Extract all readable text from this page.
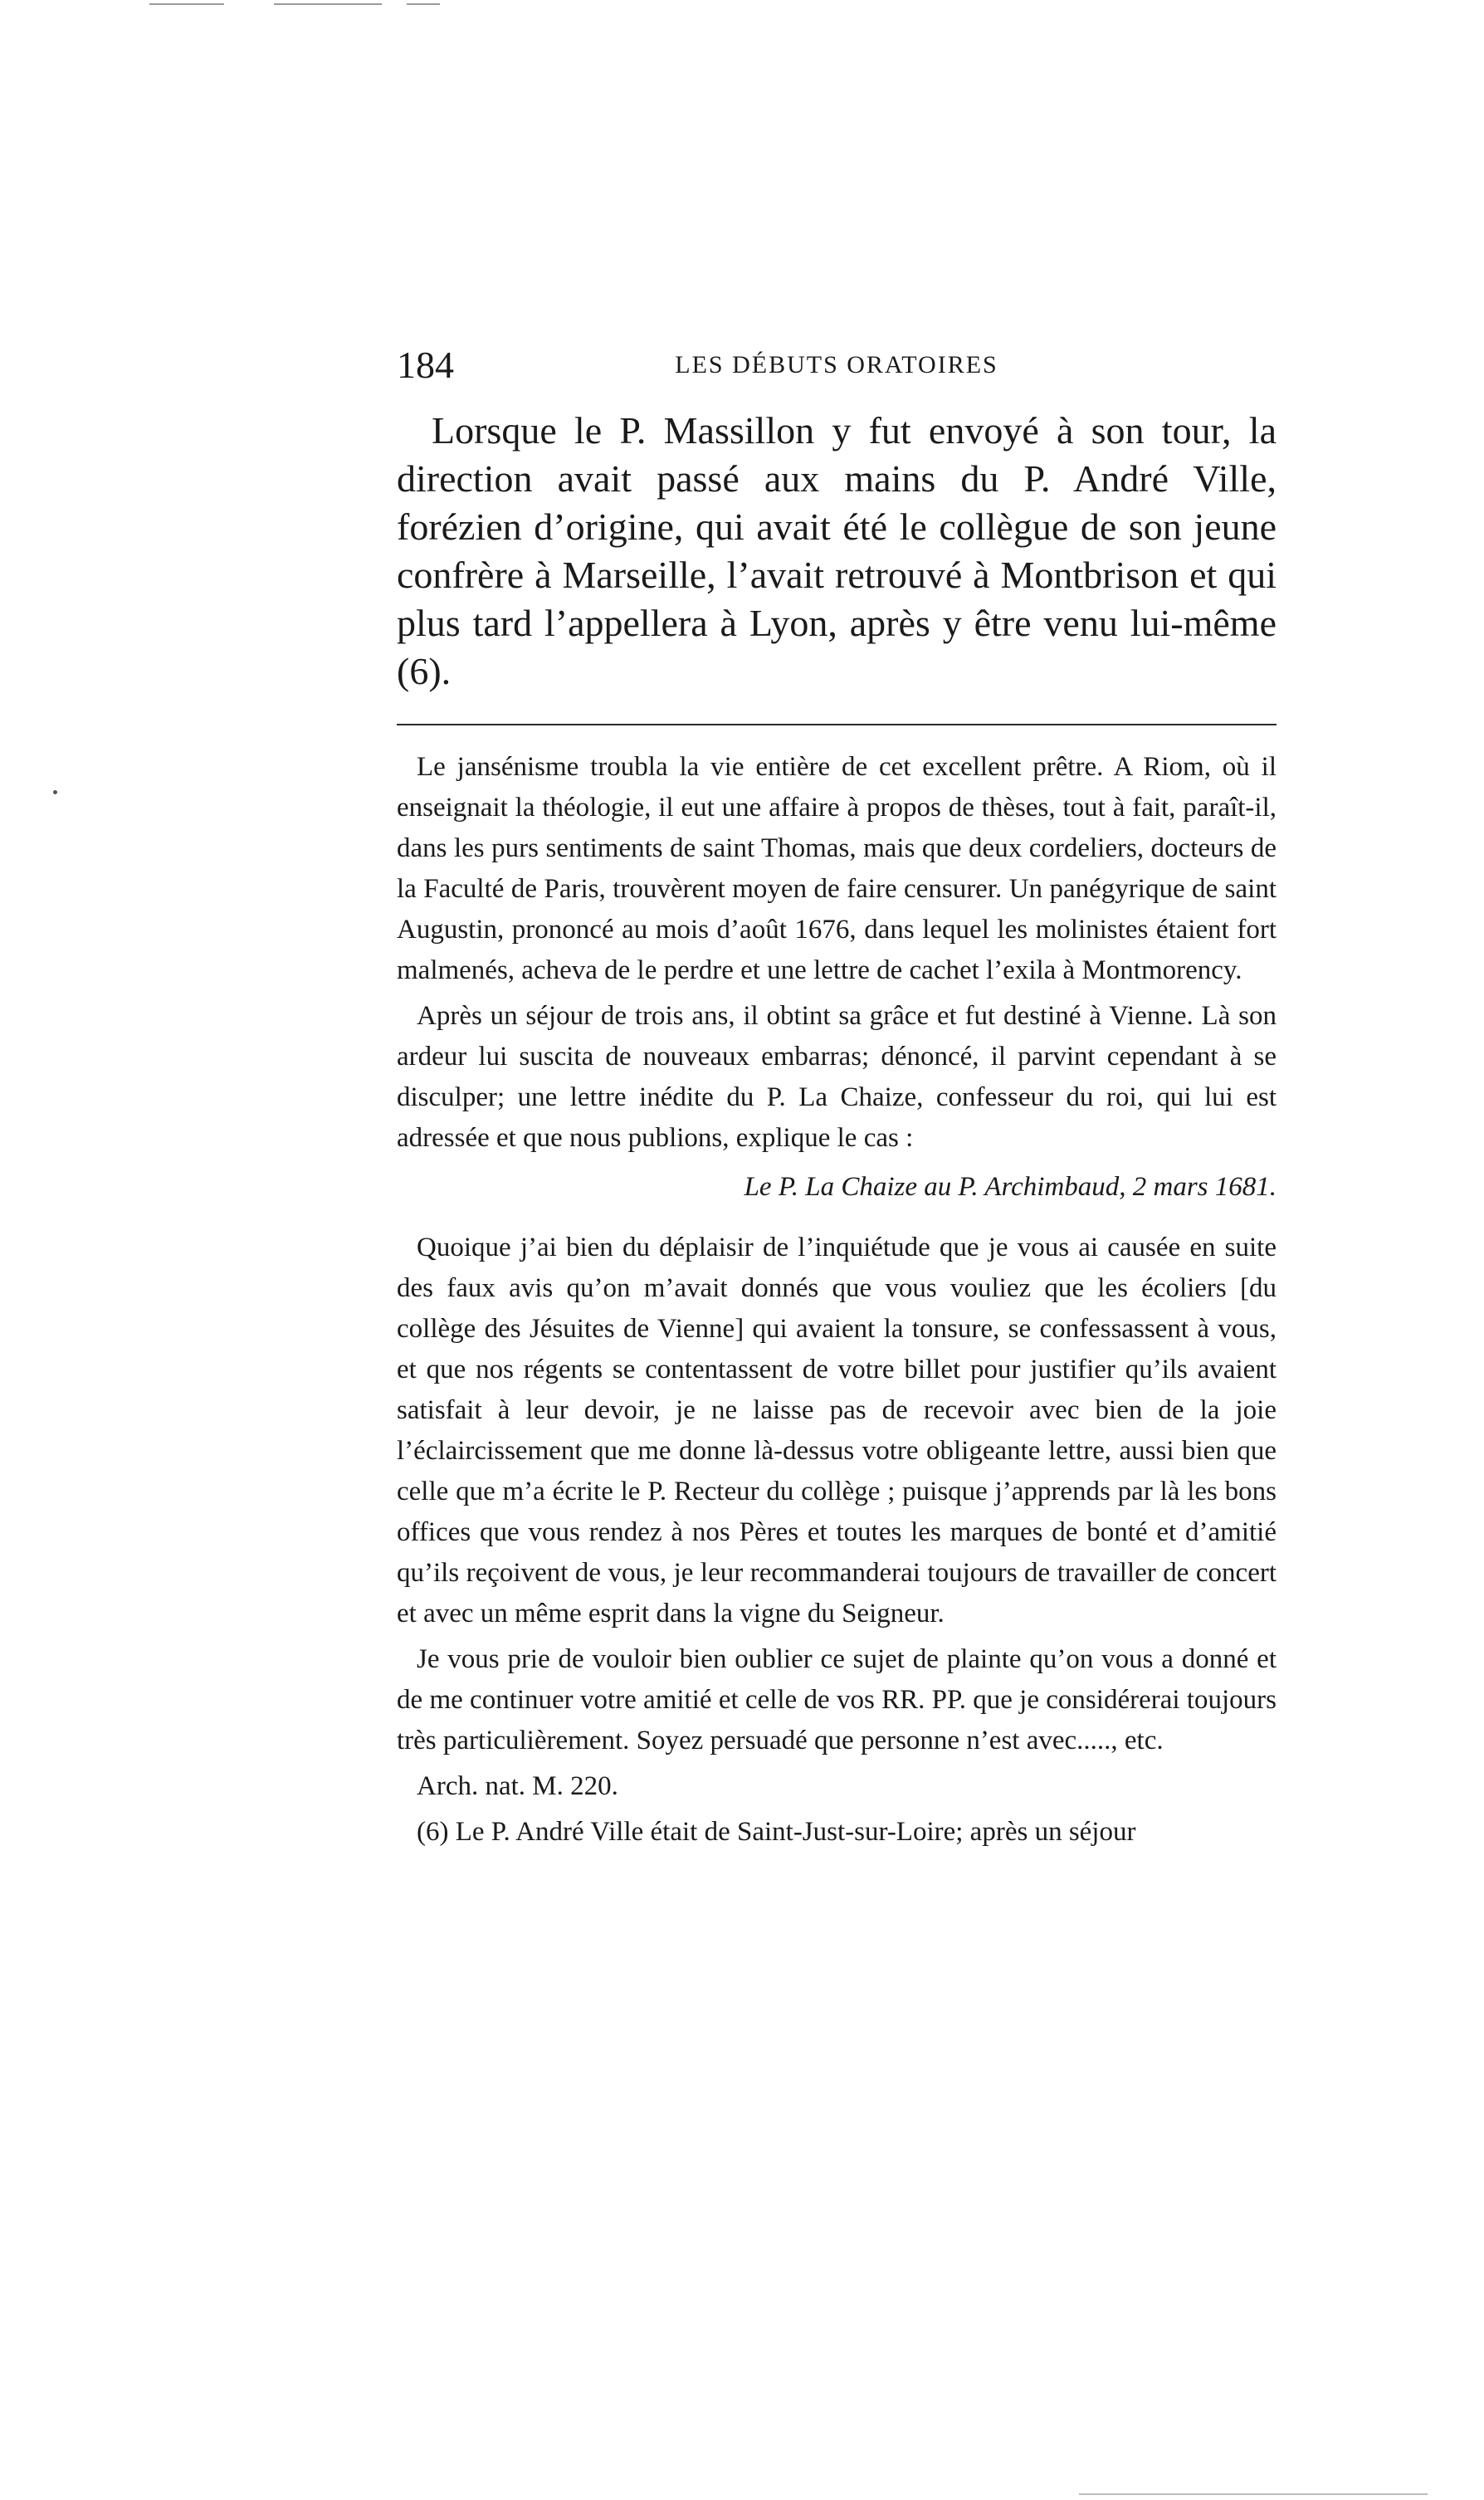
184	LES DÉBUTS ORATOIRES

Lorsque le P. Massillon y fut envoyé à son tour, la direction avait passé aux mains du P. André Ville, forézien d’origine, qui avait été le collègue de son jeune confrère à Marseille, l’avait retrouvé à Montbrison et qui plus tard l’appellera à Lyon, après y être venu lui-même (6).

Le jansénisme troubla la vie entière de cet excellent prêtre. A Riom, où il enseignait la théologie, il eut une affaire à propos de thèses, tout à fait, paraît-il, dans les purs sentiments de saint Thomas, mais que deux cordeliers, docteurs de la Faculté de Paris, trouvèrent moyen de faire censurer. Un panégyrique de saint Augustin, prononcé au mois d’août 1676, dans lequel les molinistes étaient fort malmenés, acheva de le perdre et une lettre de cachet l’exila à Montmorency.

Après un séjour de trois ans, il obtint sa grâce et fut destiné à Vienne. Là son ardeur lui suscita de nouveaux embarras; dénoncé, il parvint cependant à se disculper; une lettre inédite du P. La Chaize, confesseur du roi, qui lui est adressée et que nous publions, explique le cas :

Le P. La Chaize au P. Archimbaud, 2 mars 1681.

Quoique j’ai bien du déplaisir de l’inquiétude que je vous ai causée en suite des faux avis qu’on m’avait donnés que vous vouliez que les écoliers [du collège des Jésuites de Vienne] qui avaient la tonsure, se confessassent à vous, et que nos régents se contentassent de votre billet pour justifier qu’ils avaient satisfait à leur devoir, je ne laisse pas de recevoir avec bien de la joie l’éclaircissement que me donne là-dessus votre obligeante lettre, aussi bien que celle que m’a écrite le P. Recteur du collège ; puisque j’apprends par là les bons offices que vous rendez à nos Pères et toutes les marques de bonté et d’amitié qu’ils reçoivent de vous, je leur recommanderai toujours de travailler de concert et avec un même esprit dans la vigne du Seigneur.

Je vous prie de vouloir bien oublier ce sujet de plainte qu’on vous a donné et de me continuer votre amitié et celle de vos RR. PP. que je considérerai toujours très particulièrement. Soyez persuadé que personne n’est avec....., etc.

Arch. nat. M. 220.

(6) Le P. André Ville était de Saint-Just-sur-Loire; après un séjour
